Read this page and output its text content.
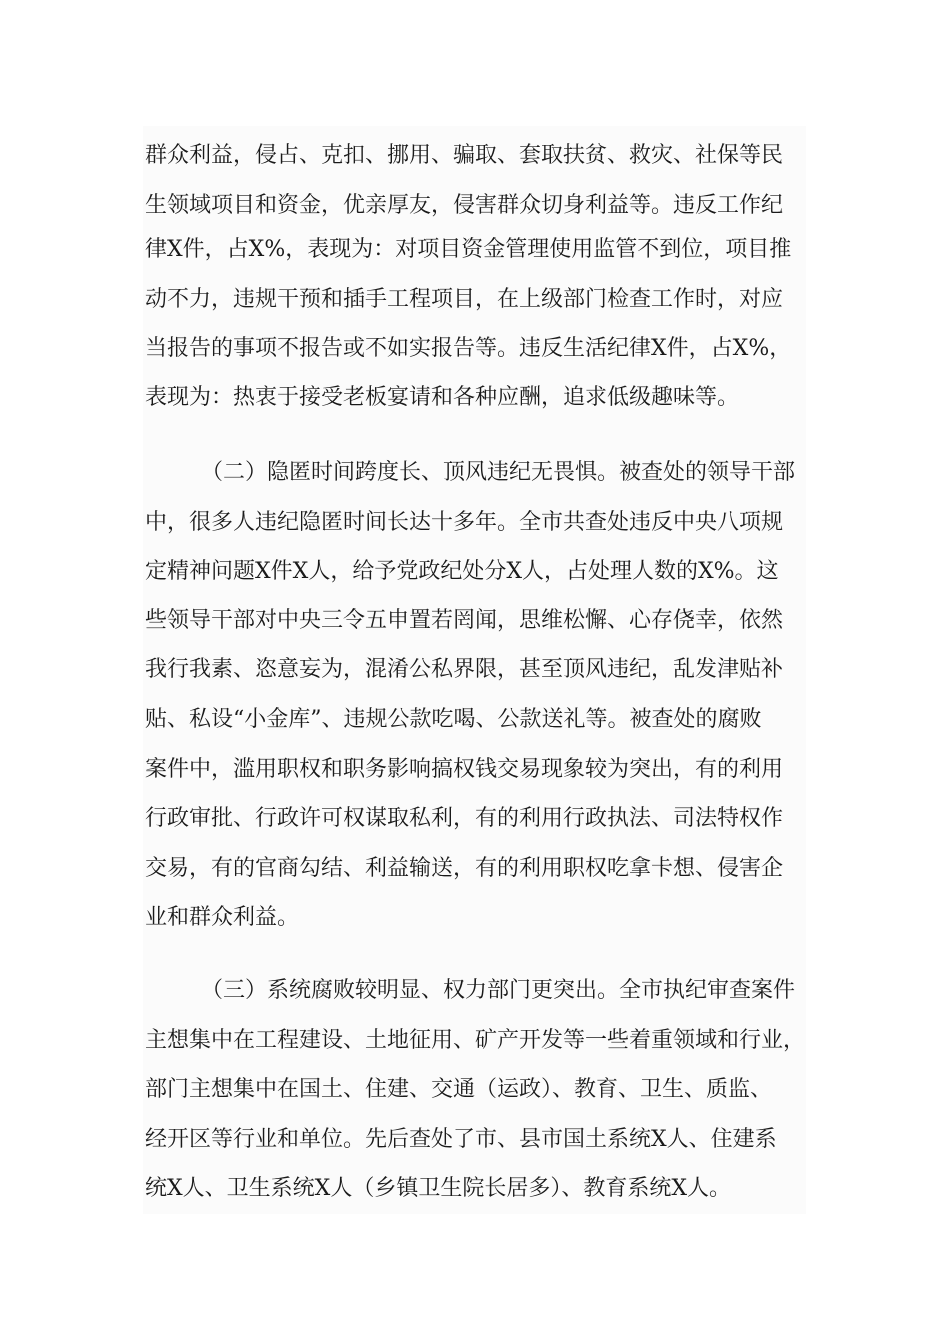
群众利益，侵占、克扣、挪用、骗取、套取扶贫、救灾、社保等民
生领域项目和资金，优亲厚友，侵害群众切身利益等。违反工作纪
律X件，占X%，表现为：对项目资金管理使用监管不到位，项目推
动不力，违规干预和插手工程项目，在上级部门检查工作时，对应
当报告的事项不报告或不如实报告等。违反生活纪律X件，占X%，
表现为：热衷于接受老板宴请和各种应酬，追求低级趣味等。
（二）隐匿时间跨度长、顶风违纪无畏惧。被查处的领导干部
中，很多人违纪隐匿时间长达十多年。全市共查处违反中央八项规
定精神问题X件X人，给予党政纪处分X人，占处理人数的X%。这
些领导干部对中央三令五申置若罔闻，思维松懈、心存侥幸，依然
我行我素、恣意妄为，混淆公私界限，甚至顶风违纪，乱发津贴补
贴、私设“小金库”、违规公款吃喝、公款送礼等。被查处的腐败
案件中，滥用职权和职务影响搞权钱交易现象较为突出，有的利用
行政审批、行政许可权谋取私利，有的利用行政执法、司法特权作
交易，有的官商勾结、利益输送，有的利用职权吃拿卡想、侵害企
业和群众利益。
（三）系统腐败较明显、权力部门更突出。全市执纪审查案件
主想集中在工程建设、土地征用、矿产开发等一些着重领域和行业，
部门主想集中在国土、住建、交通（运政）、教育、卫生、质监、
经开区等行业和单位。先后查处了市、县市国土系统X人、住建系
统X人、卫生系统X人（乡镇卫生院长居多）、教育系统X人。
